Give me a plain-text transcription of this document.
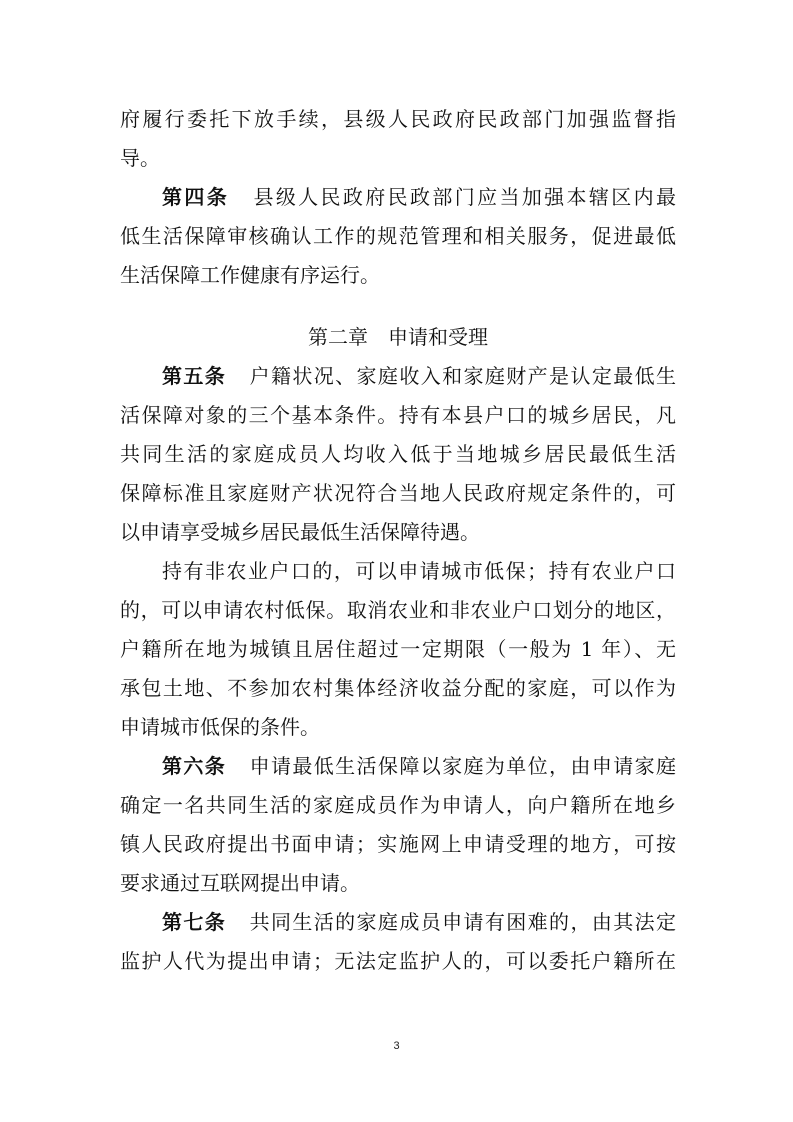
府履行委托下放手续，县级人民政府民政部门加强监督指
导。
第四条 县级人民政府民政部门应当加强本辖区内最
低生活保障审核确认工作的规范管理和相关服务，促进最低
生活保障工作健康有序运行。
第二章 申请和受理
第五条 户籍状况、家庭收入和家庭财产是认定最低生
活保障对象的三个基本条件。持有本县户口的城乡居民，凡
共同生活的家庭成员人均收入低于当地城乡居民最低生活
保障标准且家庭财产状况符合当地人民政府规定条件的，可
以申请享受城乡居民最低生活保障待遇。
持有非农业户口的，可以申请城市低保；持有农业户口
的，可以申请农村低保。取消农业和非农业户口划分的地区，
户籍所在地为城镇且居住超过一定期限（一般为 1 年）、无
承包土地、不参加农村集体经济收益分配的家庭，可以作为
申请城市低保的条件。
第六条 申请最低生活保障以家庭为单位，由申请家庭
确定一名共同生活的家庭成员作为申请人，向户籍所在地乡
镇人民政府提出书面申请；实施网上申请受理的地方，可按
要求通过互联网提出申请。
第七条 共同生活的家庭成员申请有困难的，由其法定
监护人代为提出申请；无法定监护人的，可以委托户籍所在
3
